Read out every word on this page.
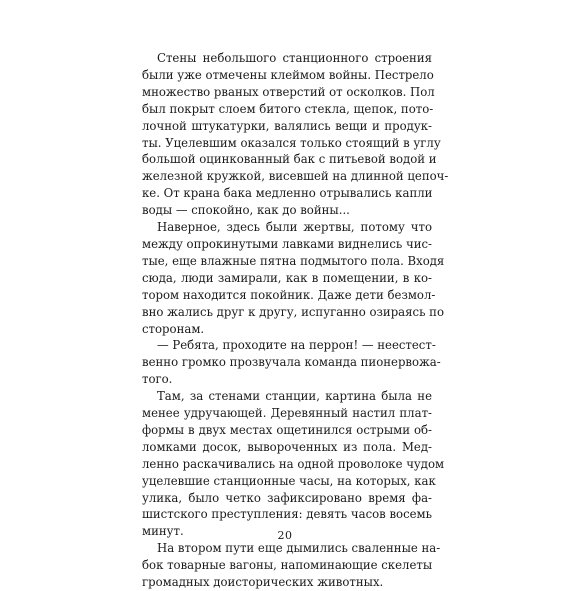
Стены небольшого станционного строения
были уже отмечены клеймом войны. Пестрело
множество рваных отверстий от осколков. Пол
был покрыт слоем битого стекла, щепок, пото-
лочной штукатурки, валялись вещи и продук-
ты. Уцелевшим оказался только стоящий в углу
большой оцинкованный бак с питьевой водой и
железной кружкой, висевшей на длинной цепоч-
ке. От крана бака медленно отрывались капли
воды — спокойно, как до войны...
Наверное, здесь были жертвы, потому что
между опрокинутыми лавками виднелись чис-
тые, еще влажные пятна подмытого пола. Входя
сюда, люди замирали, как в помещении, в ко-
тором находится покойник. Даже дети безмол-
вно жались друг к другу, испуганно озираясь по
сторонам.
— Ребята, проходите на перрон! — неестест-
венно громко прозвучала команда пионервожа-
того.
Там, за стенами станции, картина была не
менее удручающей. Деревянный настил плат-
формы в двух местах ощетинился острыми об-
ломками досок, вывороченных из пола. Мед-
ленно раскачивались на одной проволоке чудом
уцелевшие станционные часы, на которых, как
улика, было четко зафиксировано время фа-
шистского преступления: девять часов восемь
минут.
На втором пути еще дымились сваленные на-
бок товарные вагоны, напоминающие скелеты
громадных доисторических животных.
20
